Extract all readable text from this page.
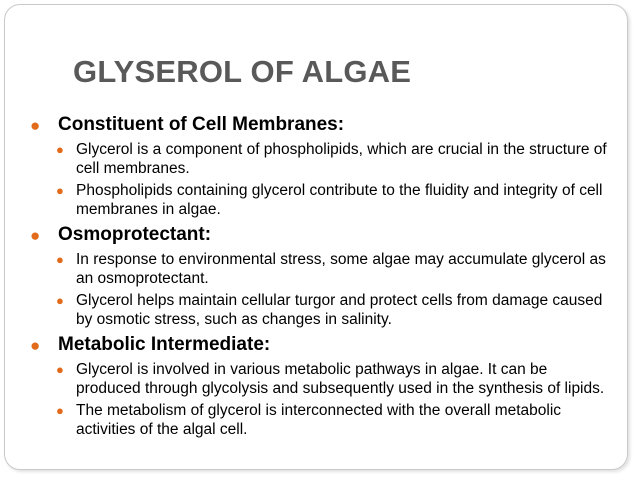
GLYSEROL OF ALGAE
● Constituent of Cell Membranes:
● Glycerol is a component of phospholipids, which are crucial in the structure of cell membranes.
● Phospholipids containing glycerol contribute to the fluidity and integrity of cell membranes in algae.
● Osmoprotectant:
● In response to environmental stress, some algae may accumulate glycerol as an osmoprotectant.
● Glycerol helps maintain cellular turgor and protect cells from damage caused by osmotic stress, such as changes in salinity.
● Metabolic Intermediate:
● Glycerol is involved in various metabolic pathways in algae. It can be produced through glycolysis and subsequently used in the synthesis of lipids.
● The metabolism of glycerol is interconnected with the overall metabolic activities of the algal cell.
